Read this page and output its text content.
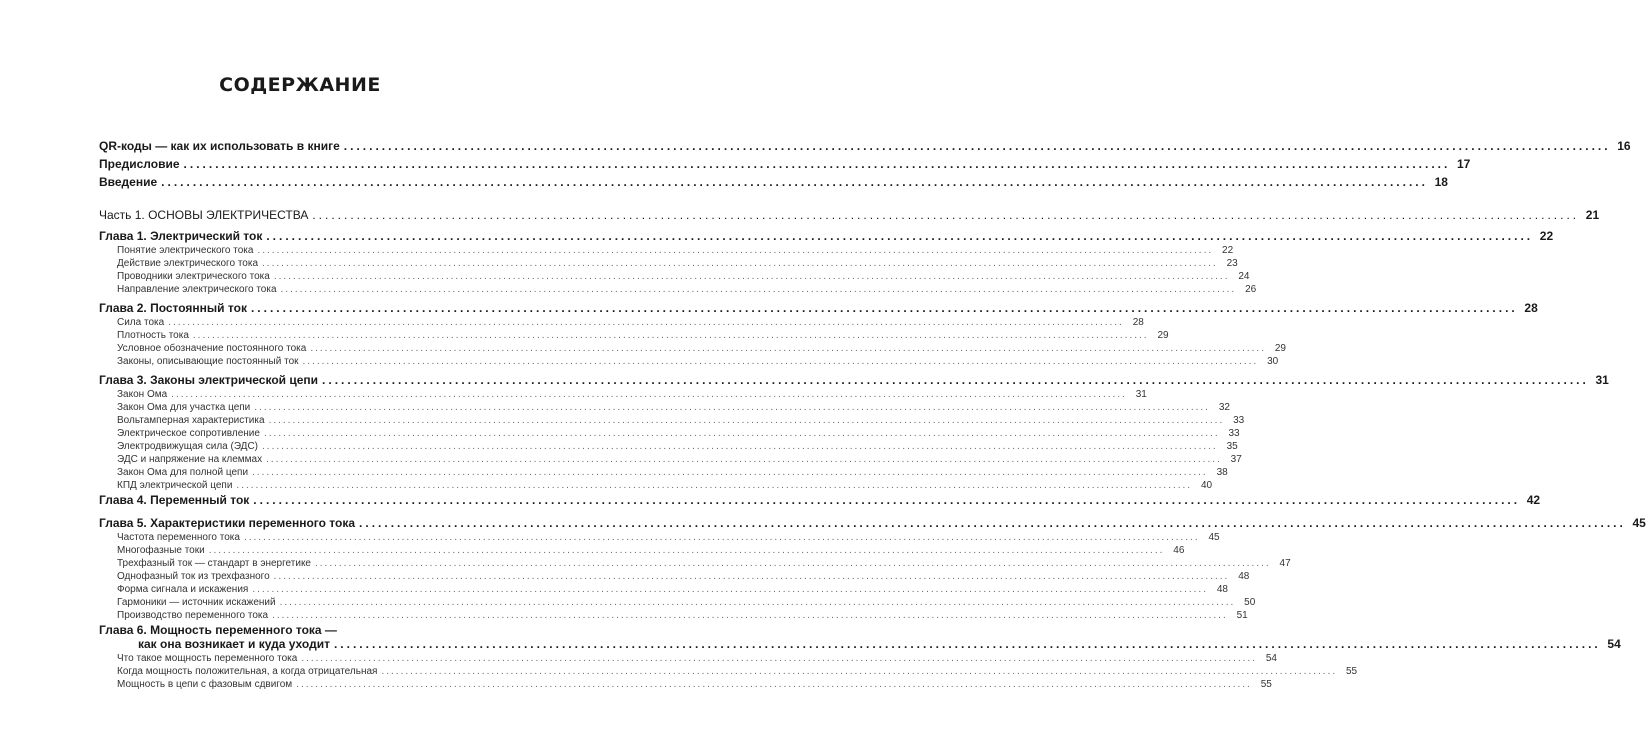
СОДЕРЖАНИЕ
QR-коды — как их использовать в книге ........................................................................................................................................................................................................ 16
Предисловие ........................................................................................................................................................................................................ 17
Введение ........................................................................................................................................................................................................ 18
Часть 1. ОСНОВЫ ЭЛЕКТРИЧЕСТВА ........................................................................................................................................................................................................ 21
Глава 1. Электрический ток ........................................................................................................................................................................................................ 22
Понятие электрического тока ........................................................................................................................................................................................................ 22
Действие электрического тока ........................................................................................................................................................................................................ 23
Проводники электрического тока ........................................................................................................................................................................................................ 24
Направление электрического тока ........................................................................................................................................................................................................ 26
Глава 2. Постоянный ток ........................................................................................................................................................................................................ 28
Сила тока ........................................................................................................................................................................................................ 28
Плотность тока ........................................................................................................................................................................................................ 29
Условное обозначение постоянного тока ........................................................................................................................................................................................................ 29
Законы, описывающие постоянный ток ........................................................................................................................................................................................................ 30
Глава 3. Законы электрической цепи ........................................................................................................................................................................................................ 31
Закон Ома ........................................................................................................................................................................................................ 31
Закон Ома для участка цепи ........................................................................................................................................................................................................ 32
Вольтамперная характеристика ........................................................................................................................................................................................................ 33
Электрическое сопротивление ........................................................................................................................................................................................................ 33
Электродвижущая сила (ЭДС) ........................................................................................................................................................................................................ 35
ЭДС и напряжение на клеммах ........................................................................................................................................................................................................ 37
Закон Ома для полной цепи ........................................................................................................................................................................................................ 38
КПД электрической цепи ........................................................................................................................................................................................................ 40
Глава 4. Переменный ток ........................................................................................................................................................................................................ 42
Глава 5. Характеристики переменного тока ........................................................................................................................................................................................................ 45
Частота переменного тока ........................................................................................................................................................................................................ 45
Многофазные токи ........................................................................................................................................................................................................ 46
Трехфазный ток — стандарт в энергетике ........................................................................................................................................................................................................ 47
Однофазный ток из трехфазного ........................................................................................................................................................................................................ 48
Форма сигнала и искажения ........................................................................................................................................................................................................ 48
Гармоники — источник искажений ........................................................................................................................................................................................................ 50
Производство переменного тока ........................................................................................................................................................................................................ 51
Глава 6. Мощность переменного тока —
как она возникает и куда уходит ........................................................................................................................................................................................................ 54
Что такое мощность переменного тока ........................................................................................................................................................................................................ 54
Когда мощность положительная, а когда отрицательная ........................................................................................................................................................................................................ 55
Мощность в цепи с фазовым сдвигом ........................................................................................................................................................................................................ 55
